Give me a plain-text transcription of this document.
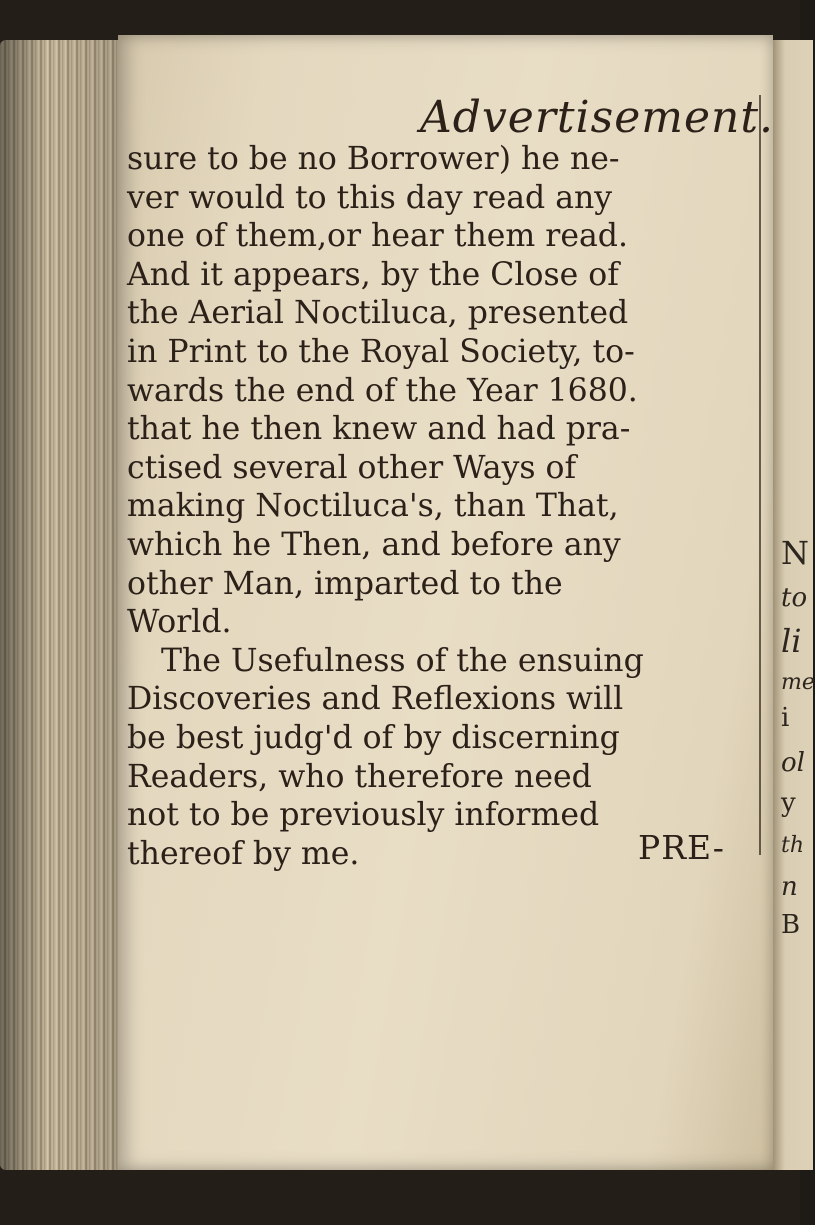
N
to
li
me
i
ol
y
th
n
B
Advertisement.
sure to be no Borrower) he ne-
ver would to this day read any
one of them,or hear them read.
And it appears, by the Close of
the Aerial Noctiluca, presented
in Print to the Royal Society, to-
wards the end of the Year 1680.
that he then knew and had pra-
ctised several other Ways of
making Noctiluca's, than That,
which he Then, and before any
other Man, imparted to the
World.
The Usefulness of the ensuing
Discoveries and Reflexions will
be best judg'd of by discerning
Readers, who therefore need
not to be previously informed
thereof by me.	PRE-
